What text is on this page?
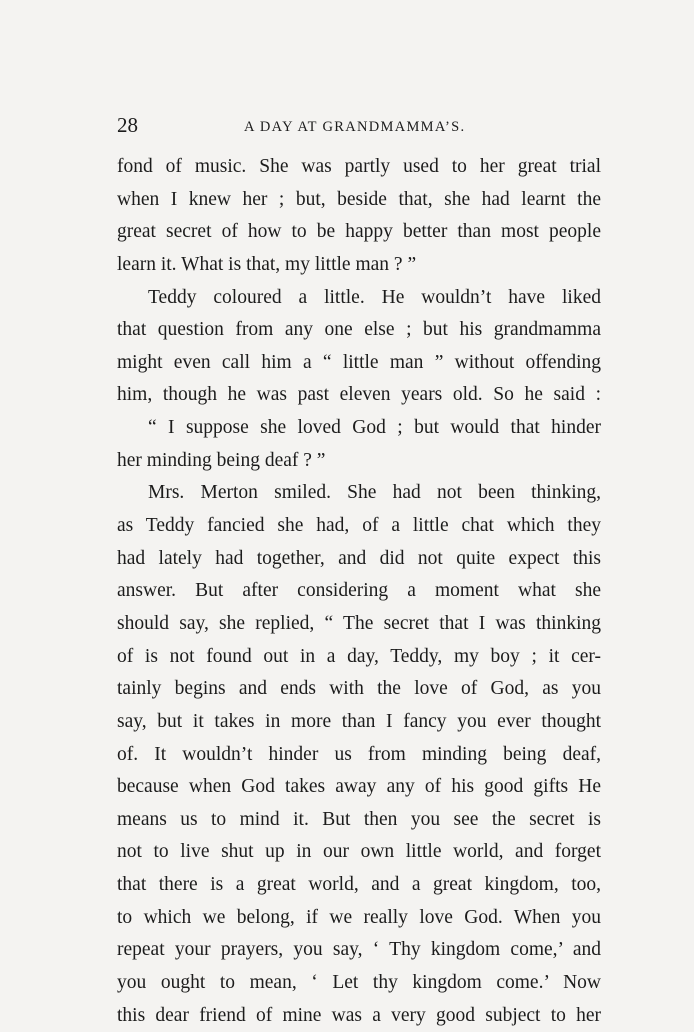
28	A DAY AT GRANDMAMMA’S.
fond of music. She was partly used to her great trial
when I knew her ; but, beside that, she had learnt the
great secret of how to be happy better than most people
learn it. What is that, my little man ? ”
Teddy coloured a little. He wouldn’t have liked
that question from any one else ; but his grandmamma
might even call him a “ little man ” without offending
him, though he was past eleven years old. So he said :
“ I suppose she loved God ; but would that hinder
her minding being deaf ? ”
Mrs. Merton smiled. She had not been thinking,
as Teddy fancied she had, of a little chat which they
had lately had together, and did not quite expect this
answer. But after considering a moment what she
should say, she replied, “ The secret that I was thinking
of is not found out in a day, Teddy, my boy ; it cer-
tainly begins and ends with the love of God, as you
say, but it takes in more than I fancy you ever thought
of. It wouldn’t hinder us from minding being deaf,
because when God takes away any of his good gifts He
means us to mind it. But then you see the secret is
not to live shut up in our own little world, and forget
that there is a great world, and a great kingdom, too,
to which we belong, if we really love God. When you
repeat your prayers, you say, ‘ Thy kingdom come,’ and
you ought to mean, ‘ Let thy kingdom come.’ Now
this dear friend of mine was a very good subject to her
